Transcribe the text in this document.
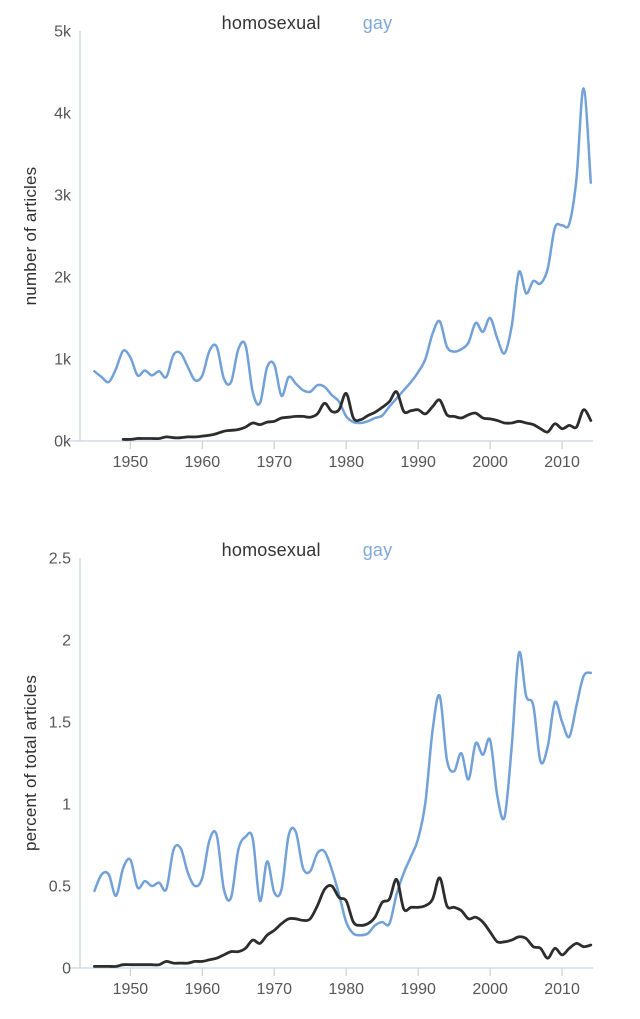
1950 1960 1970 1980 1990 2000 2010
0k
1k
2k
3k
4k
5k
1950 1960 1970 1980 1990 2000 2010
0
0.5
1
1.5
2
2.5
homosexual gay
homosexual gay
number of articles
percent of total articles
